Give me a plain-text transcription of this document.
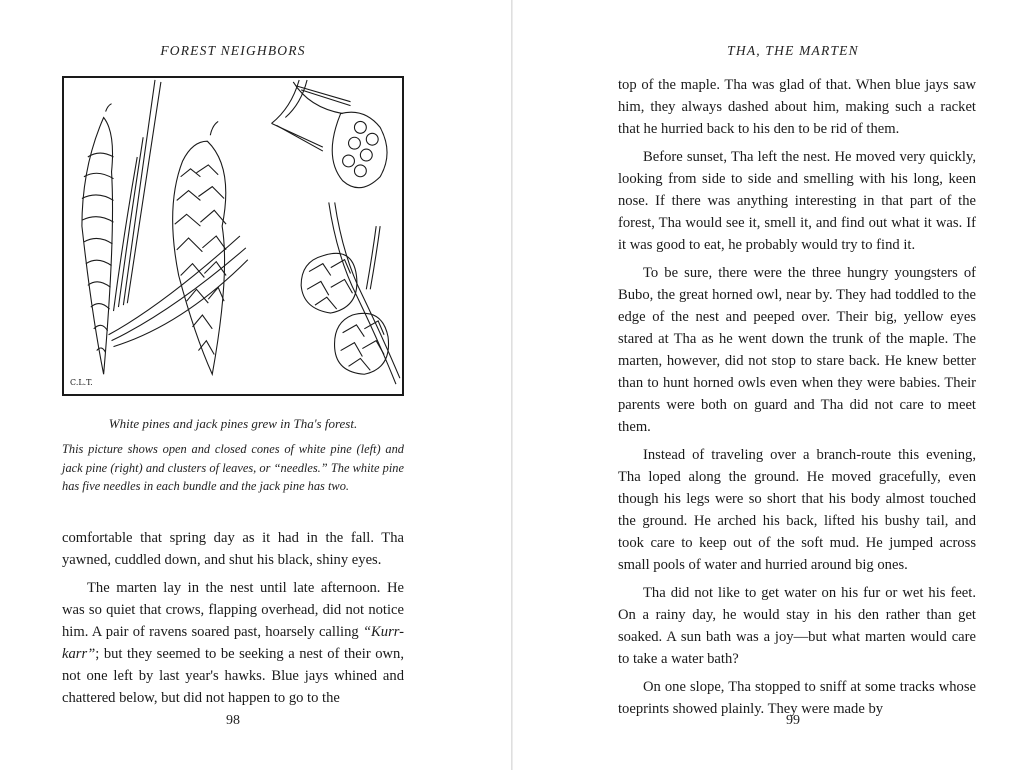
FOREST NEIGHBORS
C.L.T.
White pines and jack pines grew in Tha's forest.
This picture shows open and closed cones of white pine (left) and jack pine (right) and clusters of leaves, or “needles.” The white pine has five needles in each bundle and the jack pine has two.

comfortable that spring day as it had in the fall. Tha yawned, cuddled down, and shut his black, shiny eyes.

The marten lay in the nest until late afternoon. He was so quiet that crows, flapping overhead, did not notice him. A pair of ravens soared past, hoarsely calling “Kurr-karr”; but they seemed to be seeking a nest of their own, not one left by last year's hawks. Blue jays whined and chattered below, but did not happen to go to the

98
THA, THE MARTEN

top of the maple. Tha was glad of that. When blue jays saw him, they always dashed about him, making such a racket that he hurried back to his den to be rid of them.

Before sunset, Tha left the nest. He moved very quickly, looking from side to side and smelling with his long, keen nose. If there was anything interesting in that part of the forest, Tha would see it, smell it, and find out what it was. If it was good to eat, he probably would try to find it.

To be sure, there were the three hungry youngsters of Bubo, the great horned owl, near by. They had toddled to the edge of the nest and peeped over. Their big, yellow eyes stared at Tha as he went down the trunk of the maple. The marten, however, did not stop to stare back. He knew better than to hunt horned owls even when they were babies. Their parents were both on guard and Tha did not care to meet them.

Instead of traveling over a branch-route this evening, Tha loped along the ground. He moved gracefully, even though his legs were so short that his body almost touched the ground. He arched his back, lifted his bushy tail, and took care to keep out of the soft mud. He jumped across small pools of water and hurried around big ones.

Tha did not like to get water on his fur or wet his feet. On a rainy day, he would stay in his den rather than get soaked. A sun bath was a joy—but what marten would care to take a water bath?

On one slope, Tha stopped to sniff at some tracks whose toeprints showed plainly. They were made by

99
